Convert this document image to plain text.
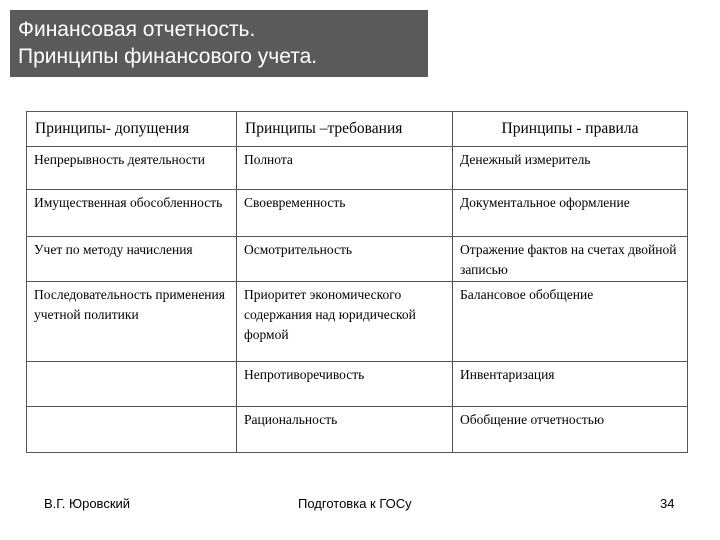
Финансовая отчетность.
Принципы финансового учета.
Принципы- допущения	Принципы –требования	Принципы - правила
Непрерывность деятельности	Полнота	Денежный измеритель
Имущественная обособленность	Своевременность	Документальное оформление
Учет по методу начисления	Осмотрительность	Отражение фактов на счетах двойной записью
Последовательность применения учетной политики	Приоритет экономического содержания над юридической формой	Балансовое обобщение
	Непротиворечивость	Инвентаризация
	Рациональность	Обобщение отчетностью
В.Г. Юровский	Подготовка к ГОСу	34
